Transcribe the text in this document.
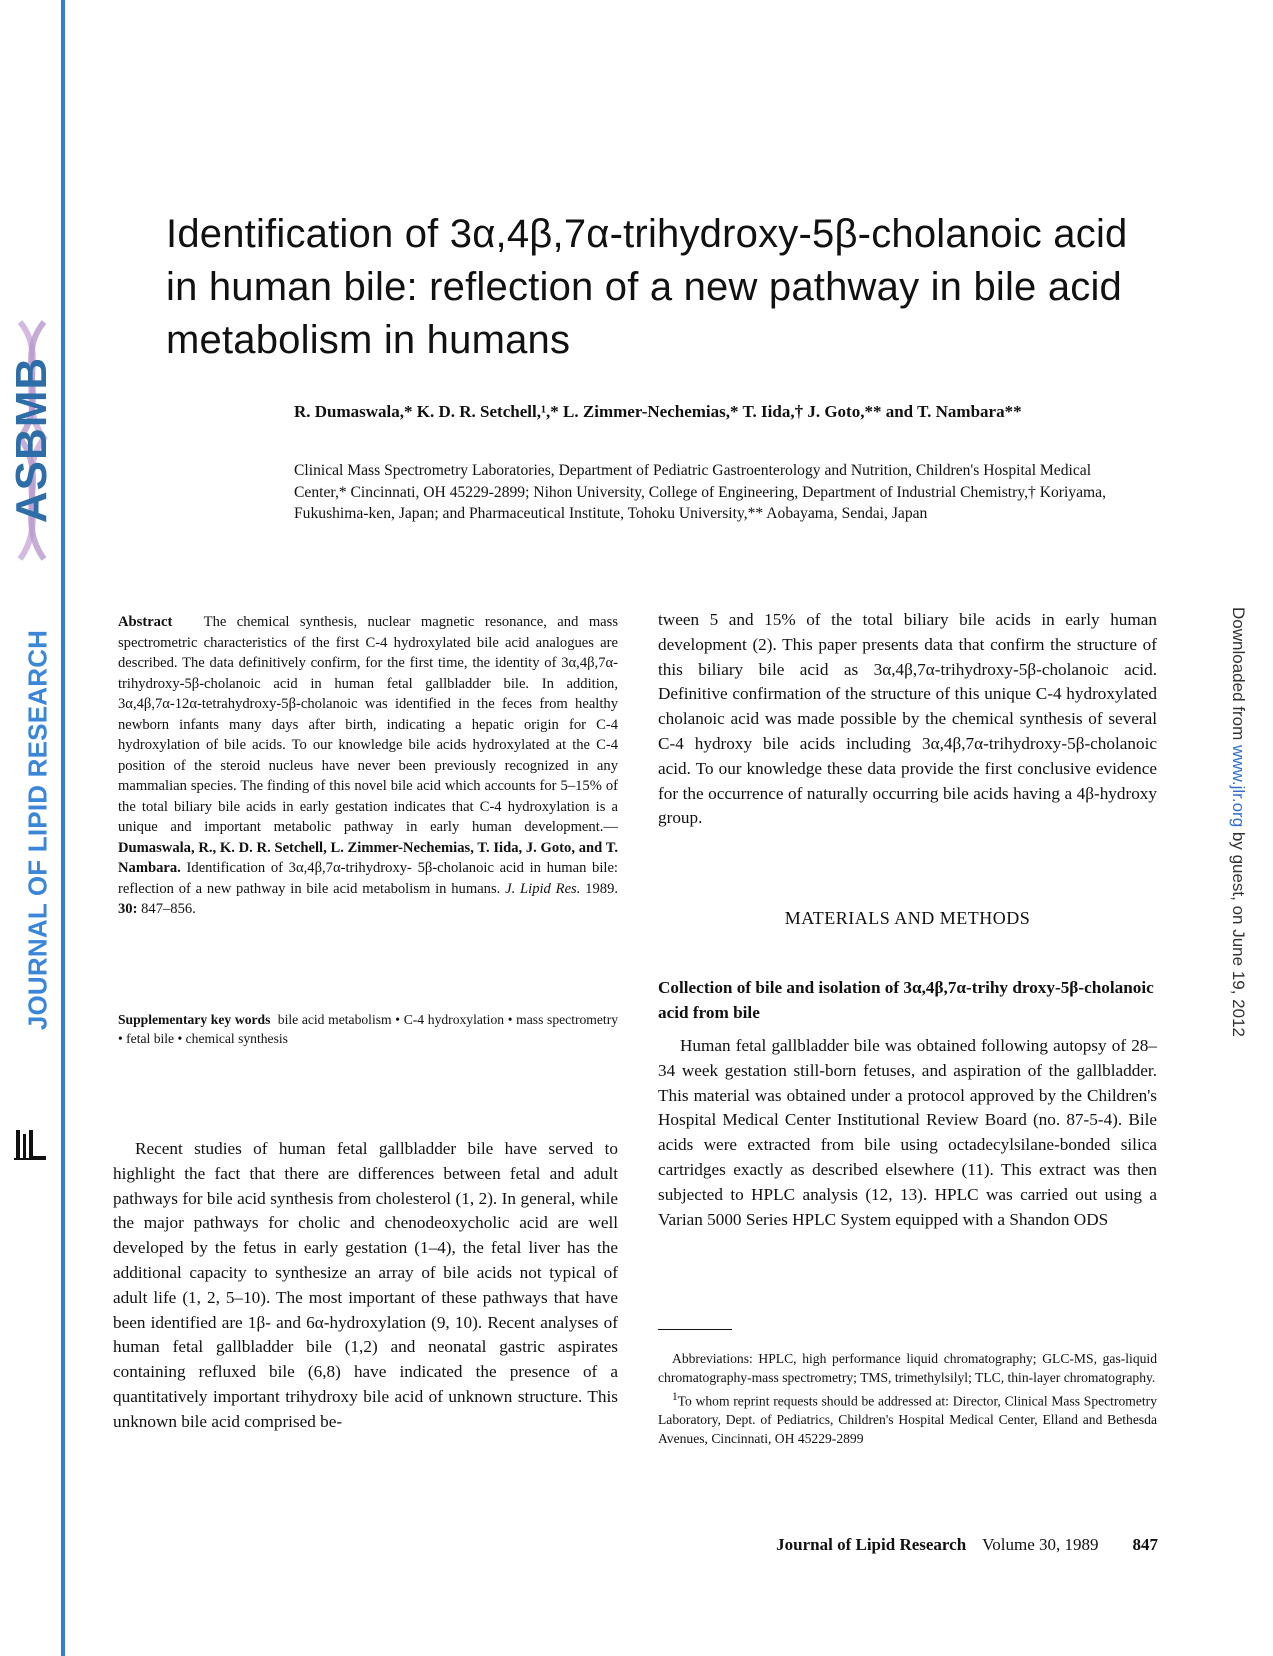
ASBMB
JOURNAL OF LIPID RESEARCH	Downloaded from www.jlr.org by guest, on June 19, 2012
Identification of 3α,4β,7α-trihydroxy-5β-cholanoic acid in human bile: reflection of a new pathway in bile acid metabolism in humans

R. Dumaswala,* K. D. R. Setchell,¹,* L. Zimmer-Nechemias,* T. Iida,† J. Goto,** and T. Nambara**

Clinical Mass Spectrometry Laboratories, Department of Pediatric Gastroenterology and Nutrition, Children's Hospital Medical Center,* Cincinnati, OH 45229-2899; Nihon University, College of Engineering, Department of Industrial Chemistry,† Koriyama, Fukushima-ken, Japan; and Pharmaceutical Institute, Tohoku University,** Aobayama, Sendai, Japan

Abstract The chemical synthesis, nuclear magnetic resonance, and mass spectrometric characteristics of the first C-4 hydroxylated bile acid analogues are described. The data definitively confirm, for the first time, the identity of 3α,4β,7α-trihydroxy-5β-cholanoic acid in human fetal gallbladder bile. In addition, 3α,4β,7α-12α-tetrahydroxy-5β-cholanoic was identified in the feces from healthy newborn infants many days after birth, indicating a hepatic origin for C-4 hydroxylation of bile acids. To our knowledge bile acids hydroxylated at the C-4 position of the steroid nucleus have never been previously recognized in any mammalian species. The finding of this novel bile acid which accounts for 5–15% of the total biliary bile acids in early gestation indicates that C-4 hydroxylation is a unique and important metabolic pathway in early human development.—Dumaswala, R., K. D. R. Setchell, L. Zimmer-Nechemias, T. Iida, J. Goto, and T. Nambara. Identification of 3α,4β,7α-trihydroxy- 5β-cholanoic acid in human bile: reflection of a new pathway in bile acid metabolism in humans. J. Lipid Res. 1989. 30: 847–856.

Supplementary key words bile acid metabolism • C-4 hydroxylation • mass spectrometry • fetal bile • chemical synthesis

Recent studies of human fetal gallbladder bile have served to highlight the fact that there are differences between fetal and adult pathways for bile acid synthesis from cholesterol (1, 2). In general, while the major pathways for cholic and chenodeoxycholic acid are well developed by the fetus in early gestation (1–4), the fetal liver has the additional capacity to synthesize an array of bile acids not typical of adult life (1, 2, 5–10). The most important of these pathways that have been identified are 1β- and 6α-hydroxylation (9, 10). Recent analyses of human fetal gallbladder bile (1,2) and neonatal gastric aspirates containing refluxed bile (6,8) have indicated the presence of a quantitatively important trihydroxy bile acid of unknown structure. This unknown bile acid comprised be-

tween 5 and 15% of the total biliary bile acids in early human development (2). This paper presents data that confirm the structure of this biliary bile acid as 3α,4β,7α-trihydroxy-5β-cholanoic acid. Definitive confirmation of the structure of this unique C-4 hydroxylated cholanoic acid was made possible by the chemical synthesis of several C-4 hydroxy bile acids including 3α,4β,7α-trihydroxy-5β-cholanoic acid. To our knowledge these data provide the first conclusive evidence for the occurrence of naturally occurring bile acids having a 4β-hydroxy group.

MATERIALS AND METHODS
Collection of bile and isolation of 3α,4β,7α-trihy droxy-5β-cholanoic acid from bile

Human fetal gallbladder bile was obtained following autopsy of 28–34 week gestation still-born fetuses, and aspiration of the gallbladder. This material was obtained under a protocol approved by the Children's Hospital Medical Center Institutional Review Board (no. 87-5-4). Bile acids were extracted from bile using octadecylsilane-bonded silica cartridges exactly as described elsewhere (11). This extract was then subjected to HPLC analysis (12, 13). HPLC was carried out using a Varian 5000 Series HPLC System equipped with a Shandon ODS

Abbreviations: HPLC, high performance liquid chromatography; GLC-MS, gas-liquid chromatography-mass spectrometry; TMS, trimethylsilyl; TLC, thin-layer chromatography.

$^1$To whom reprint requests should be addressed at: Director, Clinical Mass Spectrometry Laboratory, Dept. of Pediatrics, Children's Hospital Medical Center, Elland and Bethesda Avenues, Cincinnati, OH 45229-2899

Journal of Lipid Research Volume 30, 1989 847
